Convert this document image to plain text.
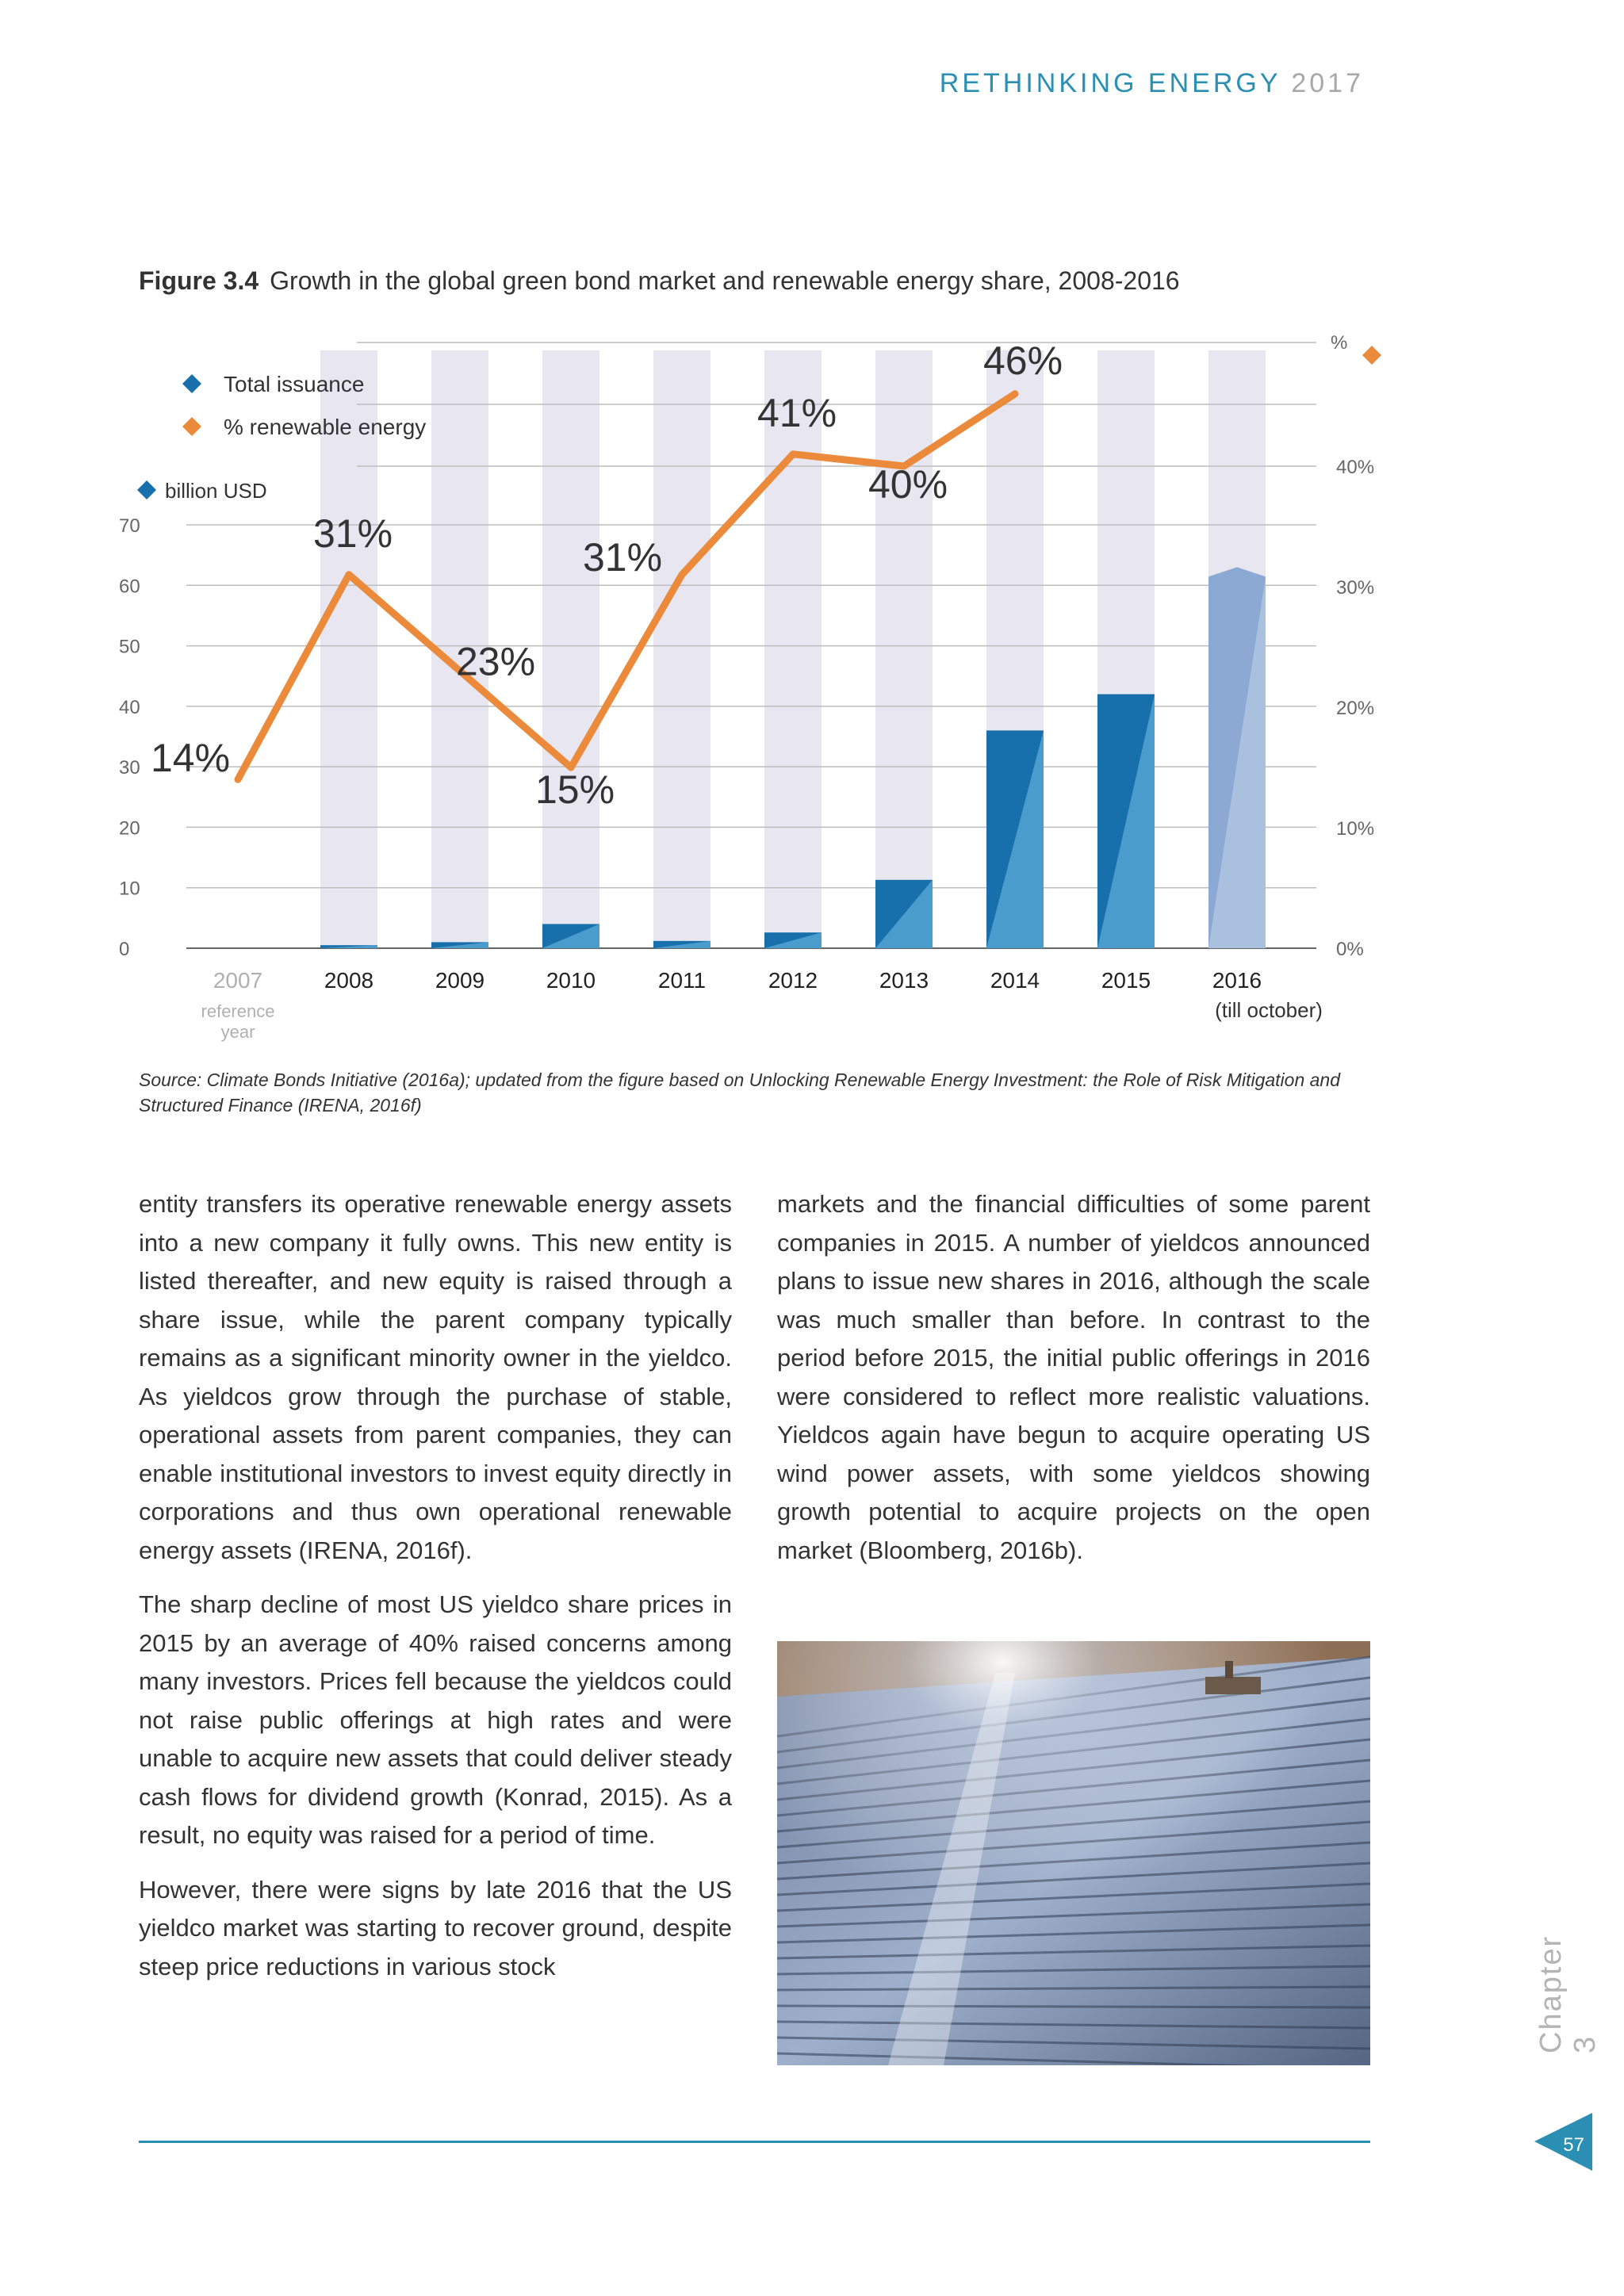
RETHINKING ENERGY 2017
Figure 3.4 Growth in the global green bond market and renewable energy share, 2008-2016
0
10
20
30
40
50
60
70
0%
10%
20%
30%
40%
2007	2008	2009	2010	2011	2012	2013	2014	2015	2016
reference
year
(till october)
14%
31%
23%
15%
31%
41%
40%
46%
Total issuance
% renewable energy
billion USD
%
Source: Climate Bonds Initiative (2016a); updated from the figure based on Unlocking Renewable Energy Investment: the Role of Risk Mitigation and Structured Finance (IRENA, 2016f)

entity transfers its operative renewable energy assets into a new company it fully owns. This new entity is listed thereafter, and new equity is raised through a share issue, while the parent company typically remains as a significant minority owner in the yieldco. As yieldcos grow through the purchase of stable, operational assets from parent companies, they can enable institutional investors to invest equity directly in corporations and thus own operational renewable energy assets (IRENA, 2016f).

The sharp decline of most US yieldco share prices in 2015 by an average of 40% raised concerns among many investors. Prices fell because the yieldcos could not raise public offerings at high rates and were unable to acquire new assets that could deliver steady cash flows for dividend growth (Konrad, 2015). As a result, no equity was raised for a period of time.

However, there were signs by late 2016 that the US yieldco market was starting to recover ground, despite steep price reductions in various stock

markets and the financial difficulties of some parent companies in 2015. A number of yieldcos announced plans to issue new shares in 2016, although the scale was much smaller than before. In contrast to the period before 2015, the initial public offerings in 2016 were considered to reflect more realistic valuations. Yieldcos again have begun to acquire operating US wind power assets, with some yieldcos showing growth potential to acquire projects on the open market (Bloomberg, 2016b).

Chapter 3
57
